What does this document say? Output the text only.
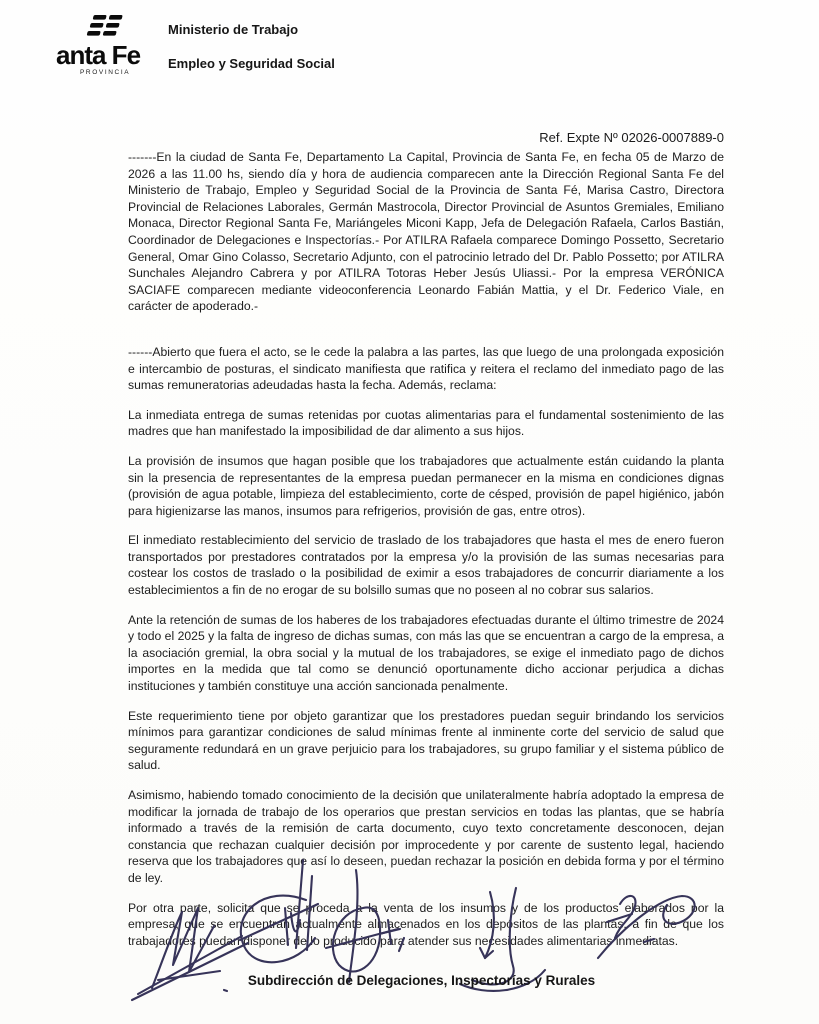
anta Fe
PROVINCIA
Ministerio de Trabajo
Empleo y Seguridad Social
Ref. Expte Nº 02026-0007889-0

-------En la ciudad de Santa Fe, Departamento La Capital, Provincia de Santa Fe, en fecha 05 de Marzo de 2026 a las 11.00 hs, siendo día y hora de audiencia comparecen ante la Dirección Regional Santa Fe del Ministerio de Trabajo, Empleo y Seguridad Social de la Provincia de Santa Fé, Marisa Castro, Directora Provincial de Relaciones Laborales, Germán Mastrocola, Director Provincial de Asuntos Gremiales, Emiliano Monaca, Director Regional Santa Fe, Mariángeles Miconi Kapp, Jefa de Delegación Rafaela, Carlos Bastián, Coordinador de Delegaciones e Inspectorías.- Por ATILRA Rafaela comparece Domingo Possetto, Secretario General, Omar Gino Colasso, Secretario Adjunto, con el patrocinio letrado del Dr. Pablo Possetto; por ATILRA Sunchales Alejandro Cabrera y por ATILRA Totoras Heber Jesús Uliassi.- Por la empresa VERÓNICA SACIAFE comparecen mediante videoconferencia Leonardo Fabián Mattia, y el Dr. Federico Viale, en carácter de apoderado.-

------Abierto que fuera el acto, se le cede la palabra a las partes, las que luego de una prolongada exposición e intercambio de posturas, el sindicato manifiesta que ratifica y reitera el reclamo del inmediato pago de las sumas remuneratorias adeudadas hasta la fecha. Además, reclama:

La inmediata entrega de sumas retenidas por cuotas alimentarias para el fundamental sostenimiento de las madres que han manifestado la imposibilidad de dar alimento a sus hijos.

La provisión de insumos que hagan posible que los trabajadores que actualmente están cuidando la planta sin la presencia de representantes de la empresa puedan permanecer en la misma en condiciones dignas (provisión de agua potable, limpieza del establecimiento, corte de césped, provisión de papel higiénico, jabón para higienizarse las manos, insumos para refrigerios, provisión de gas, entre otros).

El inmediato restablecimiento del servicio de traslado de los trabajadores que hasta el mes de enero fueron transportados por prestadores contratados por la empresa y/o la provisión de las sumas necesarias para costear los costos de traslado o la posibilidad de eximir a esos trabajadores de concurrir diariamente a los establecimientos a fin de no erogar de su bolsillo sumas que no poseen al no cobrar sus salarios.

Ante la retención de sumas de los haberes de los trabajadores efectuadas durante el último trimestre de 2024 y todo el 2025 y la falta de ingreso de dichas sumas, con más las que se encuentran a cargo de la empresa, a la asociación gremial, la obra social y la mutual de los trabajadores, se exige el inmediato pago de dichos importes en la medida que tal como se denunció oportunamente dicho accionar perjudica a dichas instituciones y también constituye una acción sancionada penalmente.

Este requerimiento tiene por objeto garantizar que los prestadores puedan seguir brindando los servicios mínimos para garantizar condiciones de salud mínimas frente al inminente corte del servicio de salud que seguramente redundará en un grave perjuicio para los trabajadores, su grupo familiar y el sistema público de salud.

Asimismo, habiendo tomado conocimiento de la decisión que unilateralmente habría adoptado la empresa de modificar la jornada de trabajo de los operarios que prestan servicios en todas las plantas, que se habría informado a través de la remisión de carta documento, cuyo texto concretamente desconocen, dejan constancia que rechazan cualquier decisión por improcedente y por carente de sustento legal, haciendo reserva que los trabajadores que así lo deseen, puedan rechazar la posición en debida forma y por el término de ley.

Por otra parte, solicita que se proceda a la venta de los insumos y de los productos elaborados por la empresa, que se encuentran actualmente almacenados en los depósitos de las plantas, a fin de que los trabajadores puedan disponer de lo producido para atender sus necesidades alimentarias inmediatas.

Subdirección de Delegaciones, Inspectorías y Rurales
